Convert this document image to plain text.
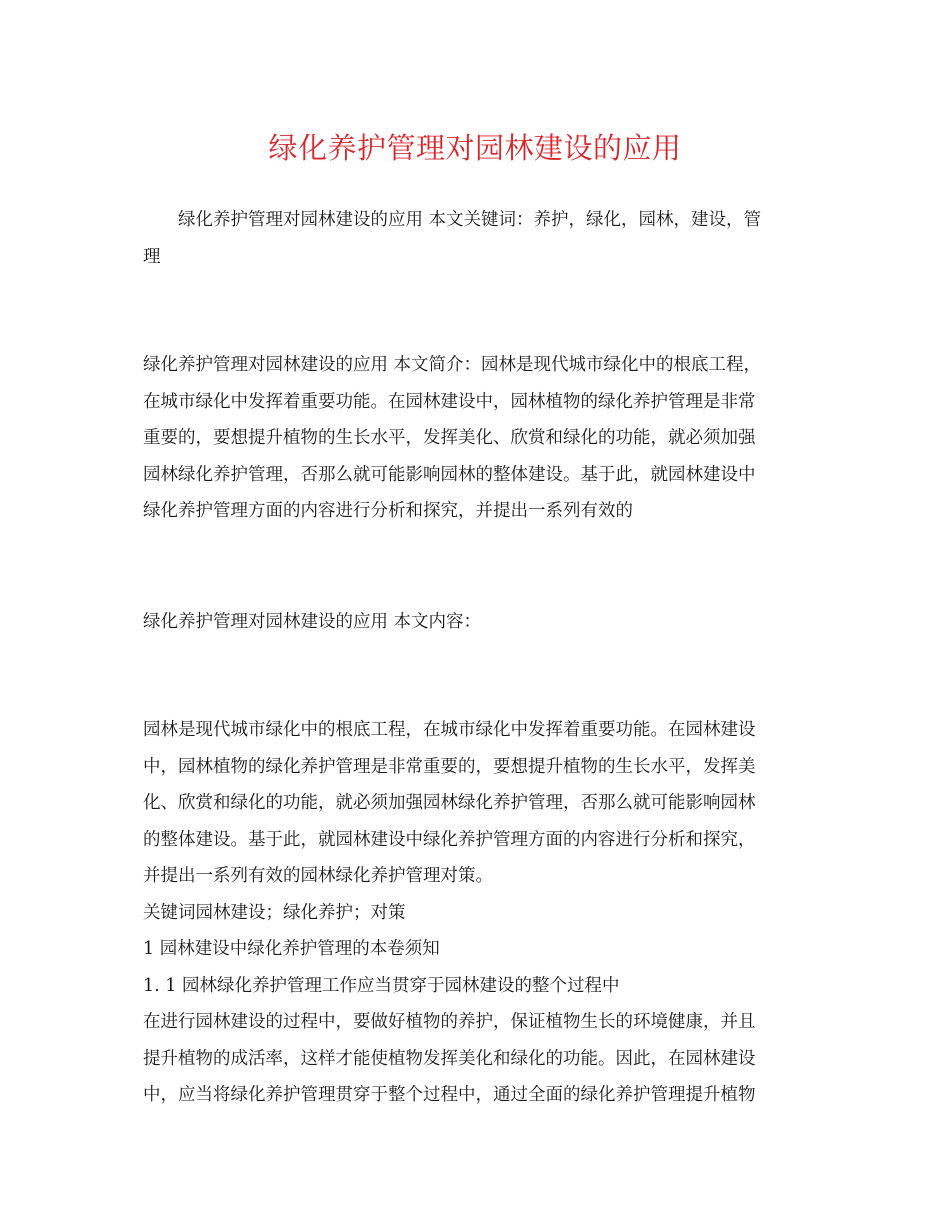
绿化养护管理对园林建设的应用
绿化养护管理对园林建设的应用 本文关键词：养护，绿化，园林，建设，管
理
绿化养护管理对园林建设的应用 本文简介：园林是现代城市绿化中的根底工程，
在城市绿化中发挥着重要功能。在园林建设中，园林植物的绿化养护管理是非常
重要的，要想提升植物的生长水平，发挥美化、欣赏和绿化的功能，就必须加强
园林绿化养护管理，否那么就可能影响园林的整体建设。基于此，就园林建设中
绿化养护管理方面的内容进行分析和探究，并提出一系列有效的
绿化养护管理对园林建设的应用 本文内容：
园林是现代城市绿化中的根底工程，在城市绿化中发挥着重要功能。在园林建设
中，园林植物的绿化养护管理是非常重要的，要想提升植物的生长水平，发挥美
化、欣赏和绿化的功能，就必须加强园林绿化养护管理，否那么就可能影响园林
的整体建设。基于此，就园林建设中绿化养护管理方面的内容进行分析和探究，
并提出一系列有效的园林绿化养护管理对策。
关键词园林建设；绿化养护；对策
1 园林建设中绿化养护管理的本卷须知
1. 1 园林绿化养护管理工作应当贯穿于园林建设的整个过程中
在进行园林建设的过程中，要做好植物的养护，保证植物生长的环境健康，并且
提升植物的成活率，这样才能使植物发挥美化和绿化的功能。因此，在园林建设
中，应当将绿化养护管理贯穿于整个过程中，通过全面的绿化养护管理提升植物
